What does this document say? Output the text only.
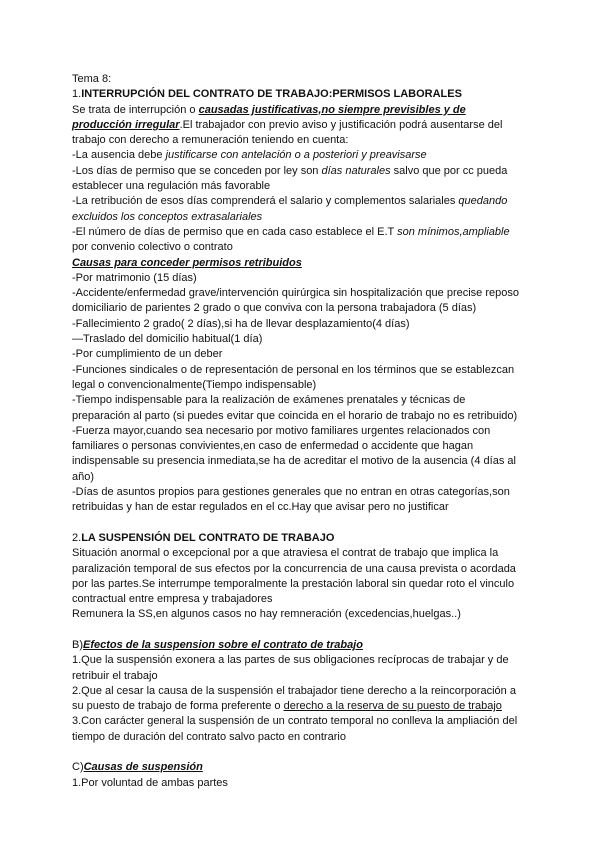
Tema 8:
1.INTERRUPCIÓN DEL CONTRATO DE TRABAJO:PERMISOS LABORALES
Se trata de interrupción o causadas justificativas,no siempre previsibles y de
producción irregular.El trabajador con previo aviso y justificación podrá ausentarse del
trabajo con derecho a remuneración teniendo en cuenta:
-La ausencia debe justificarse con antelación o a posteriori y preavisarse
-Los días de permiso que se conceden por ley son días naturales salvo que por cc pueda
establecer una regulación más favorable
-La retribución de esos días comprenderá el salario y complementos salariales quedando
excluidos los conceptos extrasalariales
-El número de días de permiso que en cada caso establece el E.T son mínimos,ampliable
por convenio colectivo o contrato
Causas para conceder permisos retribuidos
-Por matrimonio (15 días)
-Accidente/enfermedad grave/intervención quirúrgica sin hospitalización que precise reposo
domiciliario de parientes 2 grado o que conviva con la persona trabajadora (5 días)
-Fallecimiento 2 grado( 2 días),si ha de llevar desplazamiento(4 días)
—Traslado del domicilio habitual(1 día)
-Por cumplimiento de un deber
-Funciones sindicales o de representación de personal en los términos que se establezcan
legal o convencionalmente(Tiempo indispensable)
-Tiempo indispensable para la realización de exámenes prenatales y técnicas de
preparación al parto (si puedes evitar que coincida en el horario de trabajo no es retribuido)
-Fuerza mayor,cuando sea necesario por motivo familiares urgentes relacionados con
familiares o personas convivientes,en caso de enfermedad o accidente que hagan
indispensable su presencia inmediata,se ha de acreditar el motivo de la ausencia (4 días al
año)
-Días de asuntos propios para gestiones generales que no entran en otras categorías,son
retribuidas y han de estar regulados en el cc.Hay que avisar pero no justificar
2.LA SUSPENSIÓN DEL CONTRATO DE TRABAJO
Situación anormal o excepcional por a que atraviesa el contrat de trabajo que implica la
paralización temporal de sus efectos por la concurrencia de una causa prevista o acordada
por las partes.Se interrumpe temporalmente la prestación laboral sin quedar roto el vinculo
contractual entre empresa y trabajadores
Remunera la SS,en algunos casos no hay remneración (excedencias,huelgas..)
B)Efectos de la suspension sobre el contrato de trabajo
1.Que la suspensión exonera a las partes de sus obligaciones recíprocas de trabajar y de
retribuir el trabajo
2.Que al cesar la causa de la suspensión el trabajador tiene derecho a la reincorporación a
su puesto de trabajo de forma preferente o derecho a la reserva de su puesto de trabajo
3.Con carácter general la suspensión de un contrato temporal no conlleva la ampliación del
tiempo de duración del contrato salvo pacto en contrario
C)Causas de suspensión
1.Por voluntad de ambas partes
